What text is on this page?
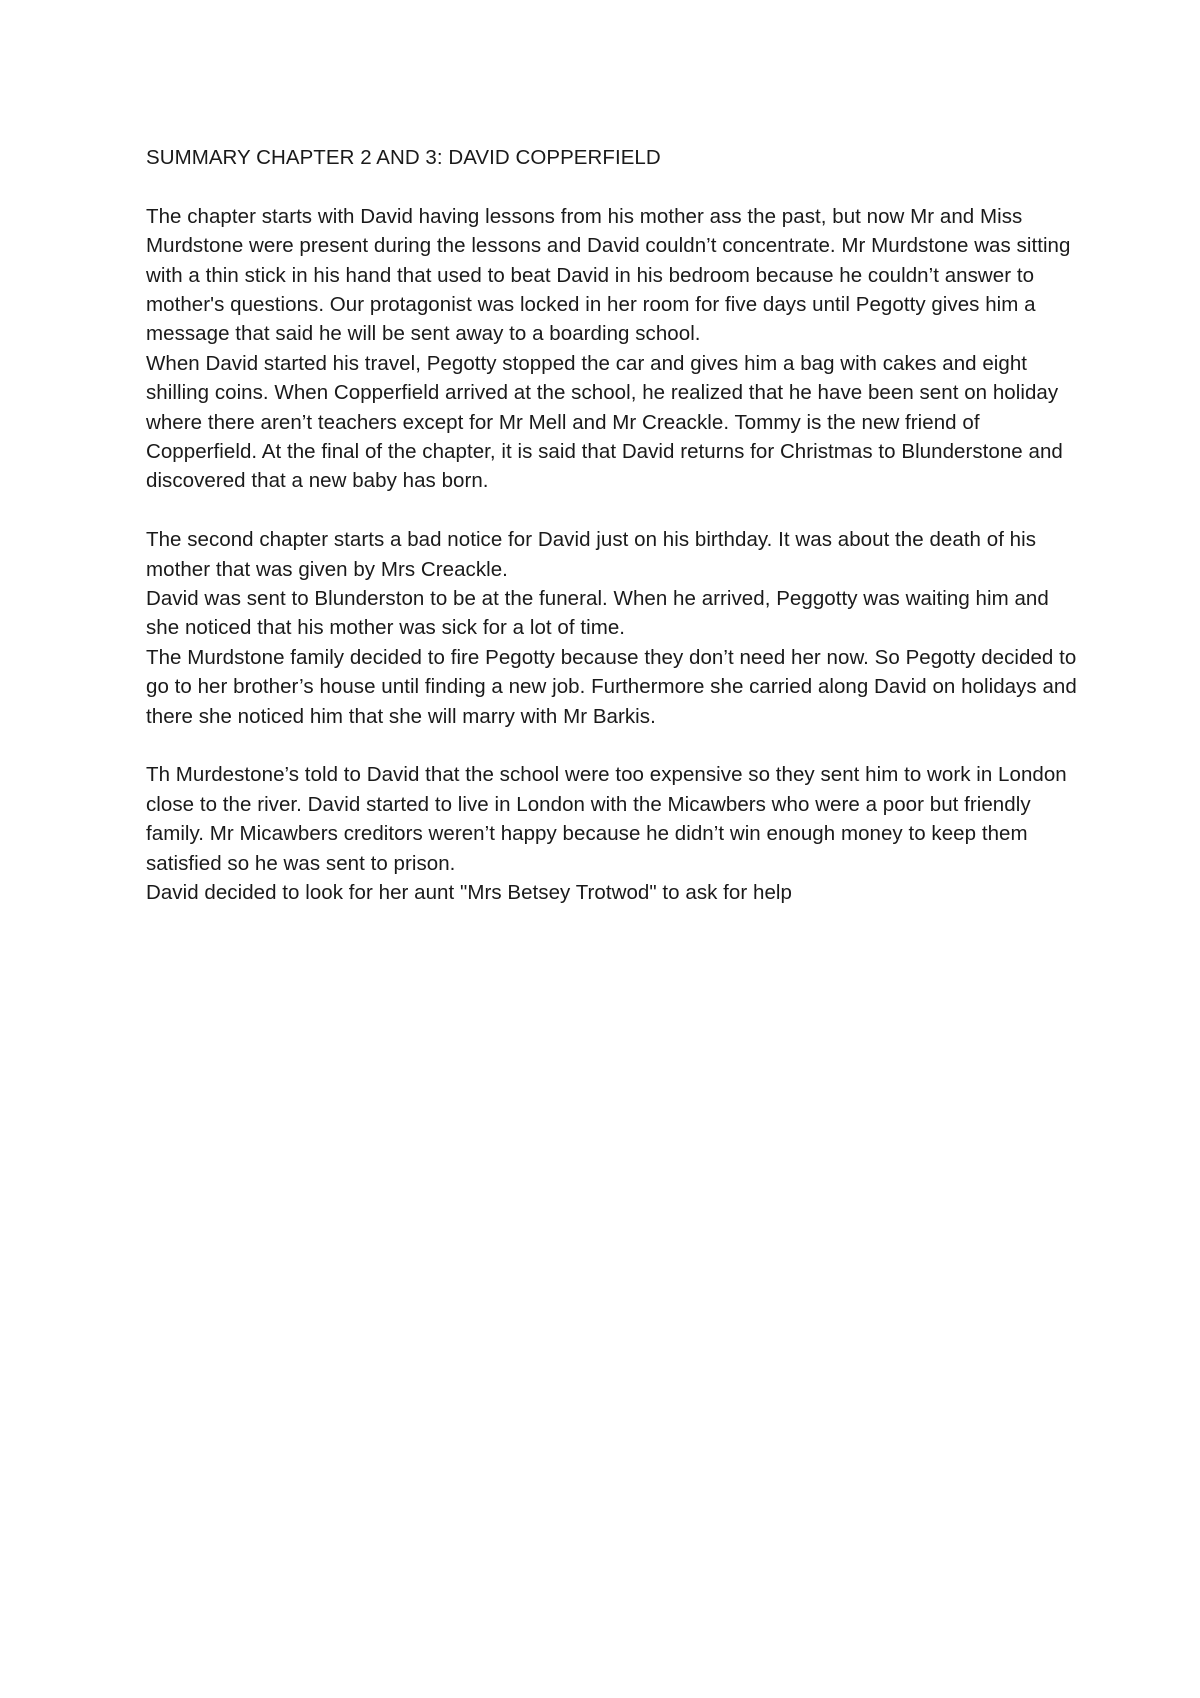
SUMMARY CHAPTER 2 AND 3: DAVID COPPERFIELD

The chapter starts with David having lessons from his mother ass the past, but now Mr and Miss Murdstone were present during the lessons and David couldn’t concentrate. Mr Murdstone was sitting with a thin stick in his hand that used to beat David in his bedroom because he couldn’t answer to mother's questions. Our protagonist was locked in her room for five days until Pegotty gives him a message that said he will be sent away to a boarding school.

When David started his travel, Pegotty stopped the car and gives him a bag with cakes and eight shilling coins. When Copperfield arrived at the school, he realized that he have been sent on holiday where there aren’t teachers except for Mr Mell and Mr Creackle. Tommy is the new friend of Copperfield. At the final of the chapter, it is said that David returns for Christmas to Blunderstone and discovered that a new baby has born.

The second chapter starts a bad notice for David just on his birthday. It was about the death of his mother that was given by Mrs Creackle.

David was sent to Blunderston to be at the funeral. When he arrived, Peggotty was waiting him and she noticed that his mother was sick for a lot of time.

The Murdstone family decided to fire Pegotty because they don’t need her now. So Pegotty decided to go to her brother’s house until finding a new job. Furthermore she carried along David on holidays and there she noticed him that she will marry with Mr Barkis.

Th Murdestone’s told to David that the school were too expensive so they sent him to work in London close to the river. David started to live in London with the Micawbers who were a poor but friendly family. Mr Micawbers creditors weren’t happy because he didn’t win enough money to keep them satisfied so he was sent to prison.

David decided to look for her aunt "Mrs Betsey Trotwod" to ask for help
